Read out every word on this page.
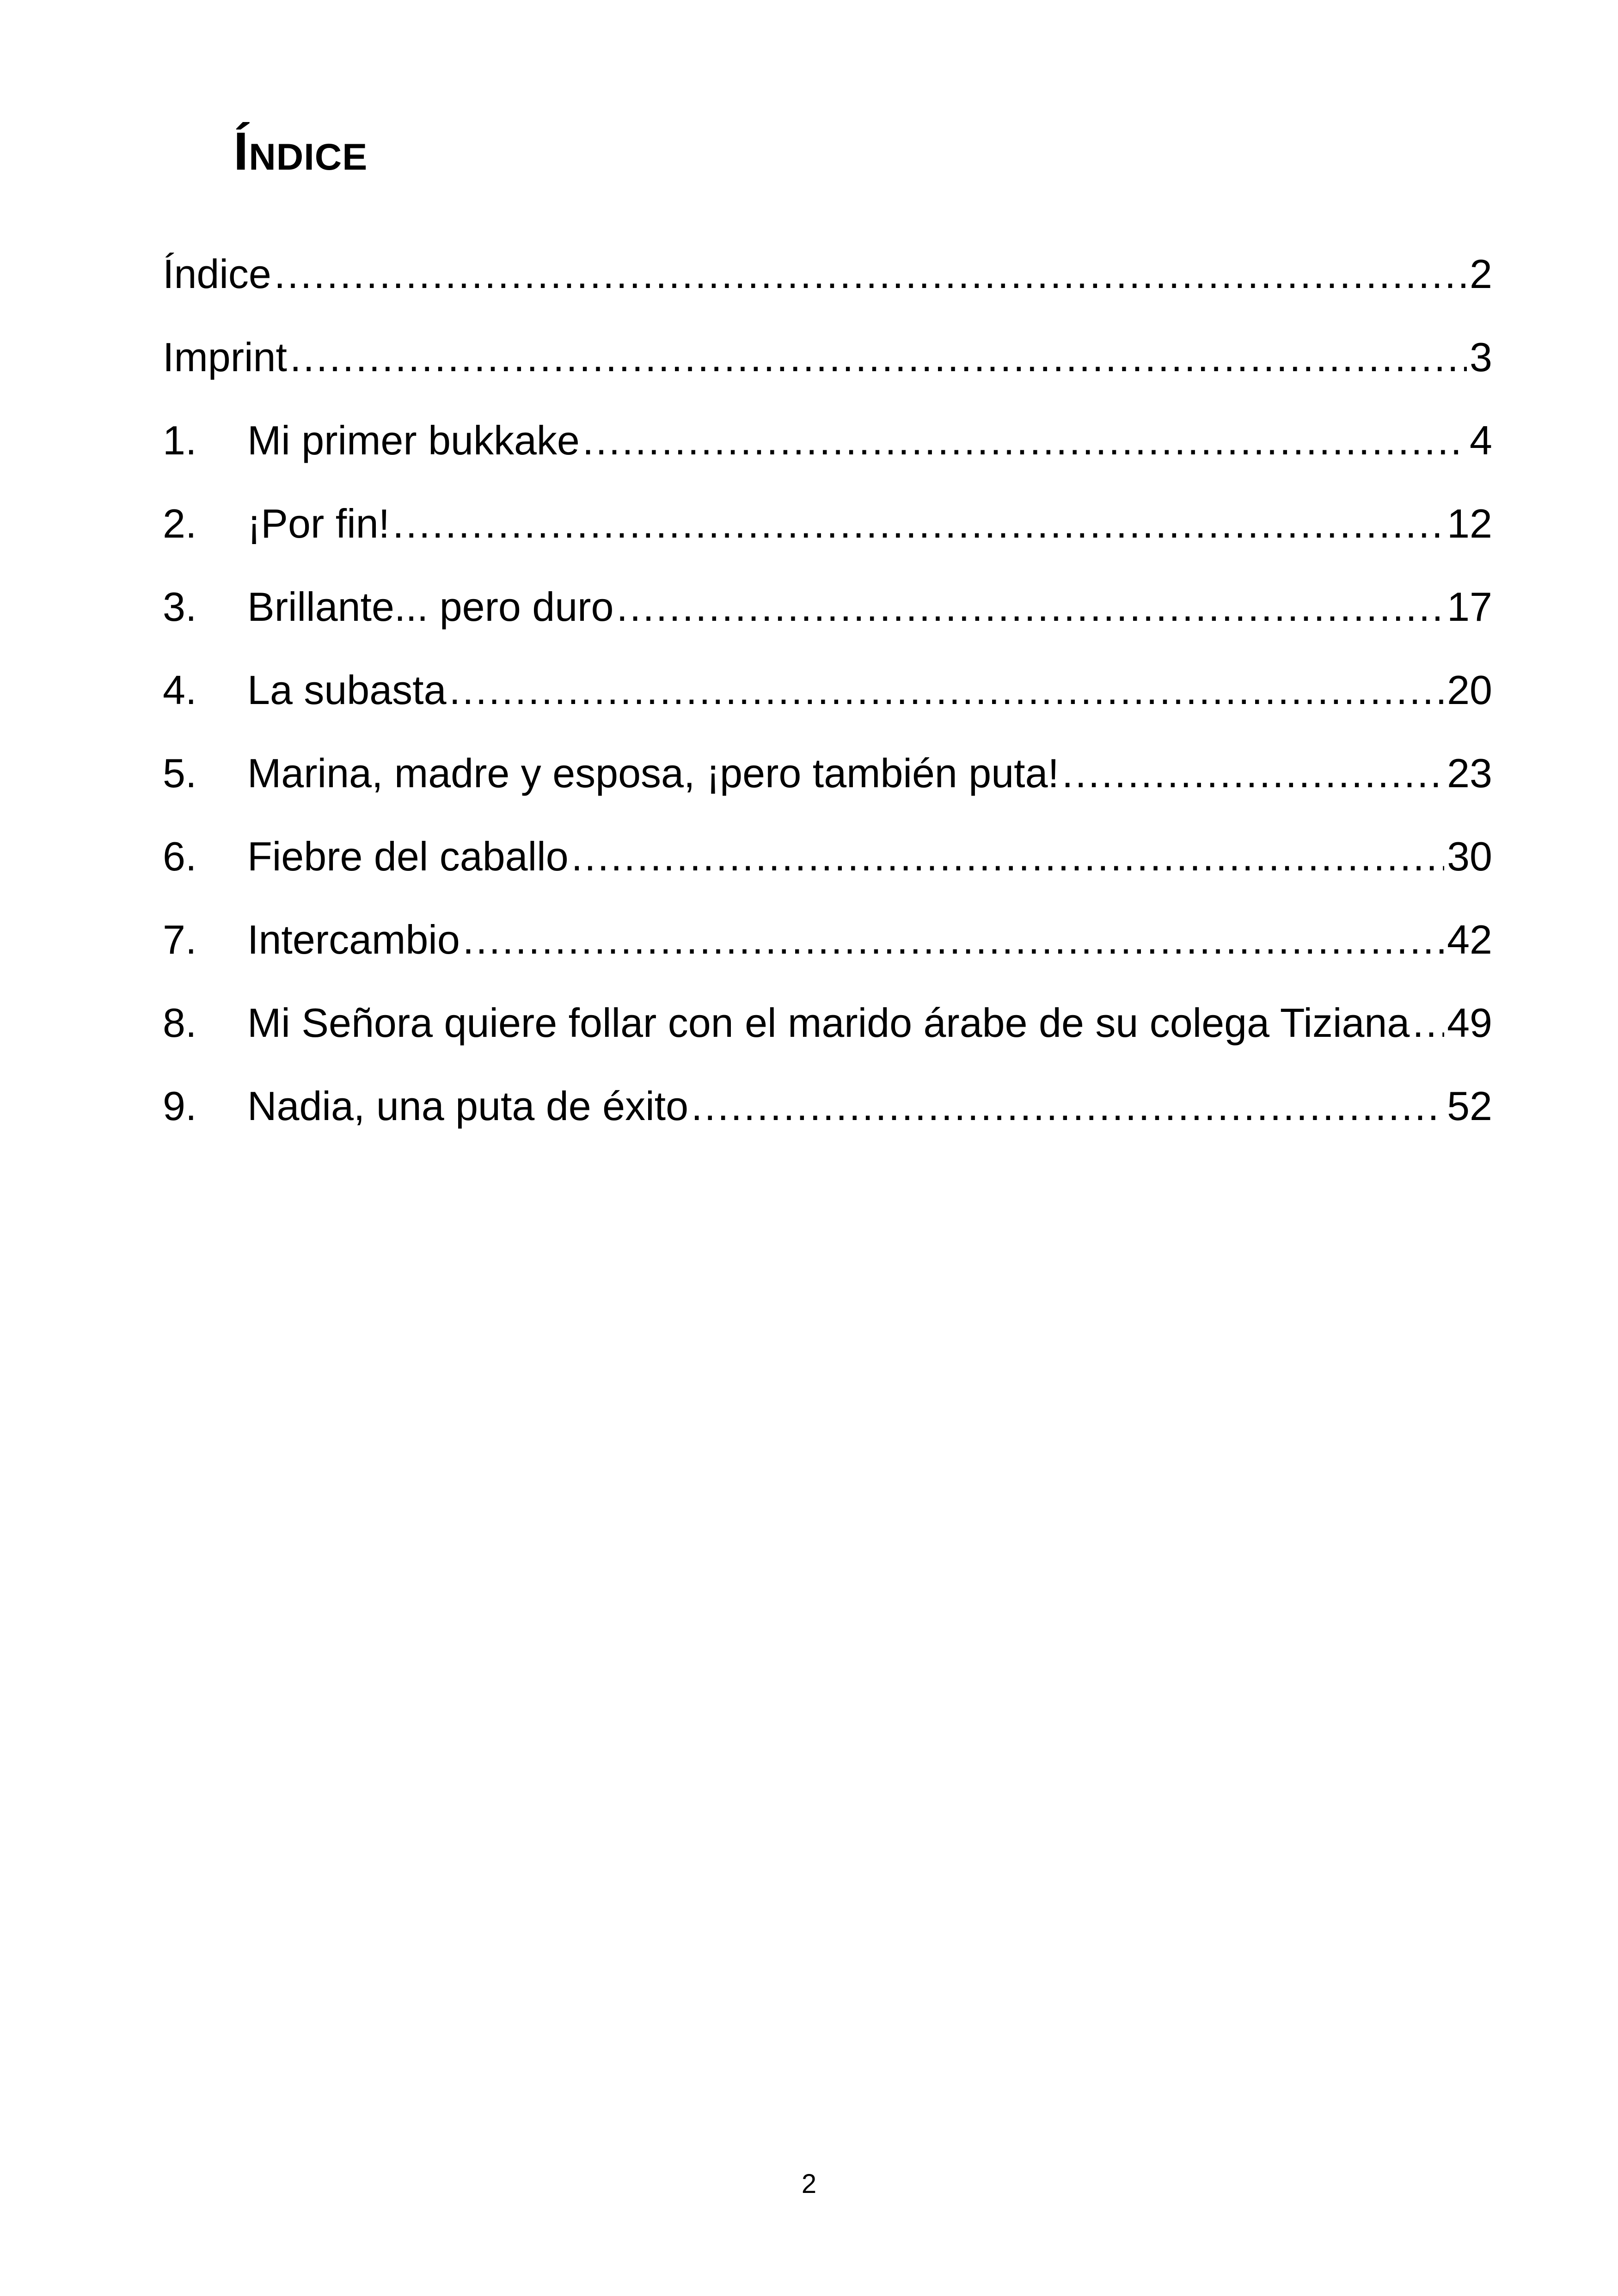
Índice
Índice .....	2
Imprint .....	3
1.	Mi primer bukkake .....	4
2.	¡Por fin! .....	12
3.	Brillante... pero duro .....	17
4.	La subasta .....	20
5.	Marina, madre y esposa, ¡pero también puta! .....	23
6.	Fiebre del caballo .....	30
7.	Intercambio .....	42
8.	Mi Señora quiere follar con el marido árabe de su colega Tiziana ..... 49
9.	Nadia, una puta de éxito .....	52
2
